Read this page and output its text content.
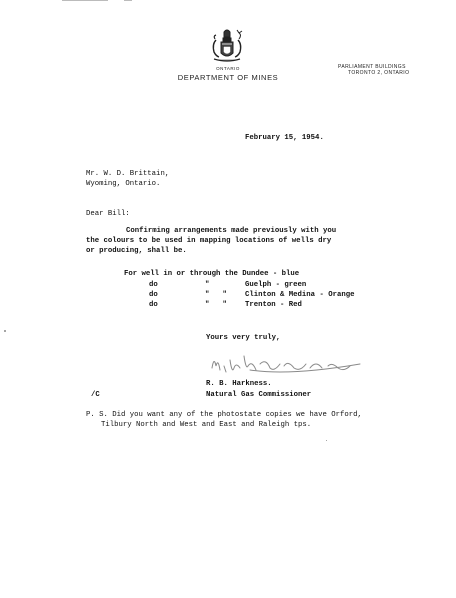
ONTARIO
DEPARTMENT OF MINES
PARLIAMENT BUILDINGS
TORONTO 2, ONTARIO
February 15, 1954.
Mr. W. D. Brittain,
Wyoming, Ontario.
Dear Bill:
Confirming arrangements made previously with you
the colours to be used in mapping locations of wells dry
or producing, shall be.
For well in or through the Dundee - blue
do	"	Guelph - green
do	"   " Clinton & Medina - Orange
do	"   " Trenton - Red
Yours very truly,
R. B. Harkness.
Natural Gas Commissioner
/C
P. S. Did you want any of the photostate copies we have Orford,
Tilbury North and West and East and Raleigh tps.
